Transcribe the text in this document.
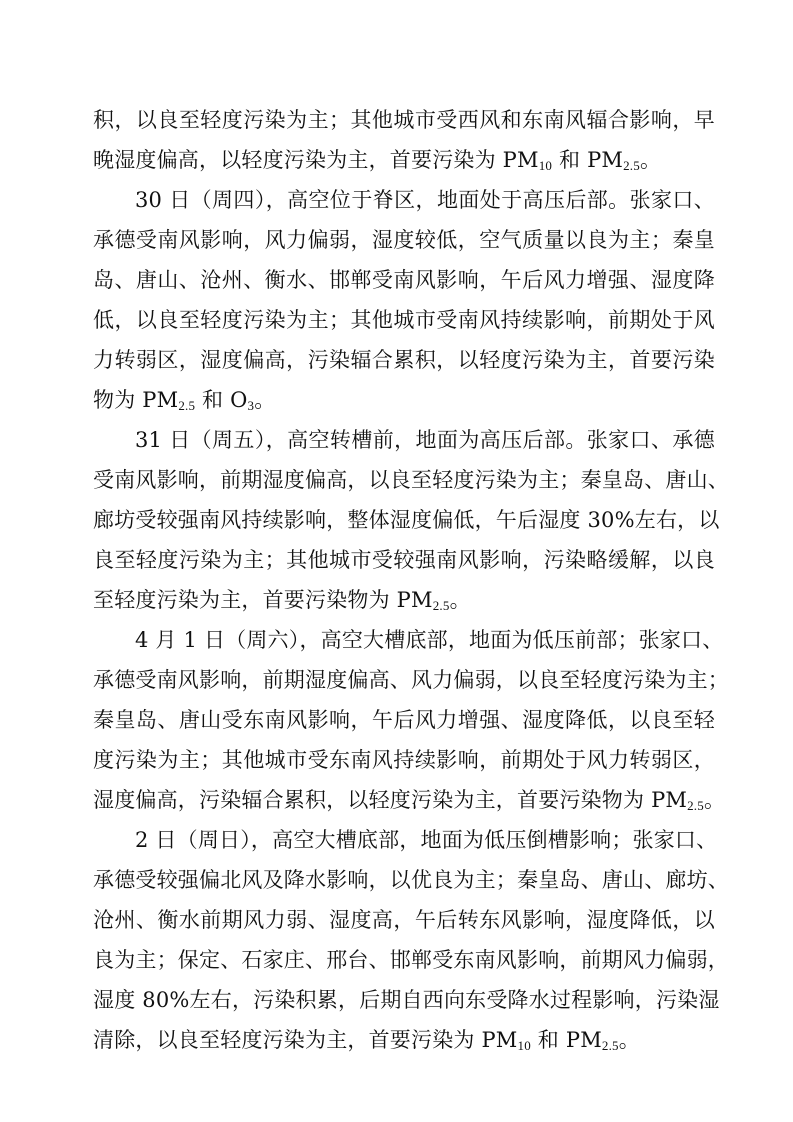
积，以良至轻度污染为主；其他城市受西风和东南风辐合影响，早
晚湿度偏高，以轻度污染为主，首要污染为 $PM_{10}$ 和 $PM_{2.5}$。
30 日（周四），高空位于脊区，地面处于高压后部。张家口、
承德受南风影响，风力偏弱，湿度较低，空气质量以良为主；秦皇
岛、唐山、沧州、衡水、邯郸受南风影响，午后风力增强、湿度降
低，以良至轻度污染为主；其他城市受南风持续影响，前期处于风
力转弱区，湿度偏高，污染辐合累积，以轻度污染为主，首要污染
物为 $PM_{2.5}$ 和 $O_3$。
31 日（周五），高空转槽前，地面为高压后部。张家口、承德
受南风影响，前期湿度偏高，以良至轻度污染为主；秦皇岛、唐山、
廊坊受较强南风持续影响，整体湿度偏低，午后湿度 30%左右，以
良至轻度污染为主；其他城市受较强南风影响，污染略缓解，以良
至轻度污染为主，首要污染物为 $PM_{2.5}$。
4 月 1 日（周六），高空大槽底部，地面为低压前部；张家口、
承德受南风影响，前期湿度偏高、风力偏弱，以良至轻度污染为主；
秦皇岛、唐山受东南风影响，午后风力增强、湿度降低，以良至轻
度污染为主；其他城市受东南风持续影响，前期处于风力转弱区，
湿度偏高，污染辐合累积，以轻度污染为主，首要污染物为 $PM_{2.5}$。
2 日（周日），高空大槽底部，地面为低压倒槽影响；张家口、
承德受较强偏北风及降水影响，以优良为主；秦皇岛、唐山、廊坊、
沧州、衡水前期风力弱、湿度高，午后转东风影响，湿度降低，以
良为主；保定、石家庄、邢台、邯郸受东南风影响，前期风力偏弱，
湿度 80%左右，污染积累，后期自西向东受降水过程影响，污染湿
清除，以良至轻度污染为主，首要污染为 $PM_{10}$ 和 $PM_{2.5}$。
